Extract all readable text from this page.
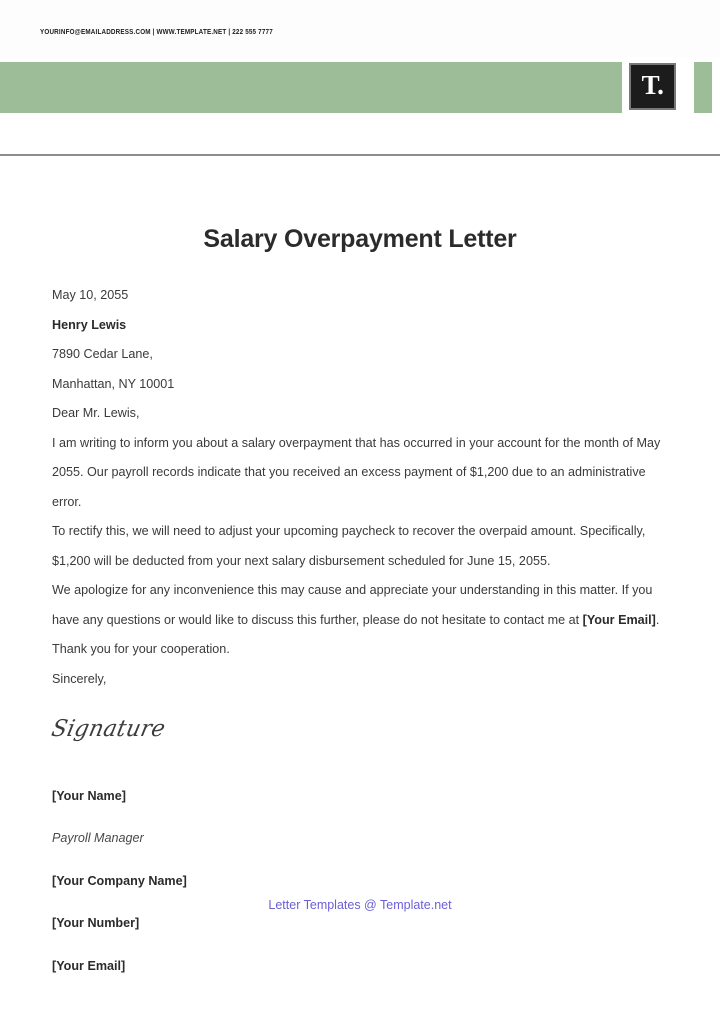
YOURINFO@EMAILADDRESS.COM | WWW.TEMPLATE.NET | 222 555 7777
T.
Salary Overpayment Letter

May 10, 2055

Henry Lewis

7890 Cedar Lane,

Manhattan, NY 10001

Dear Mr. Lewis,

I am writing to inform you about a salary overpayment that has occurred in your account for the month of May 2055. Our payroll records indicate that you received an excess payment of $1,200 due to an administrative error.

To rectify this, we will need to adjust your upcoming paycheck to recover the overpaid amount. Specifically, $1,200 will be deducted from your next salary disbursement scheduled for June 15, 2055.

We apologize for any inconvenience this may cause and appreciate your understanding in this matter. If you have any questions or would like to discuss this further, please do not hesitate to contact me at [Your Email].

Thank you for your cooperation.

Sincerely,

Signature

[Your Name]

Payroll Manager

[Your Company Name]

[Your Number]

[Your Email]

Letter Templates @ Template.net
